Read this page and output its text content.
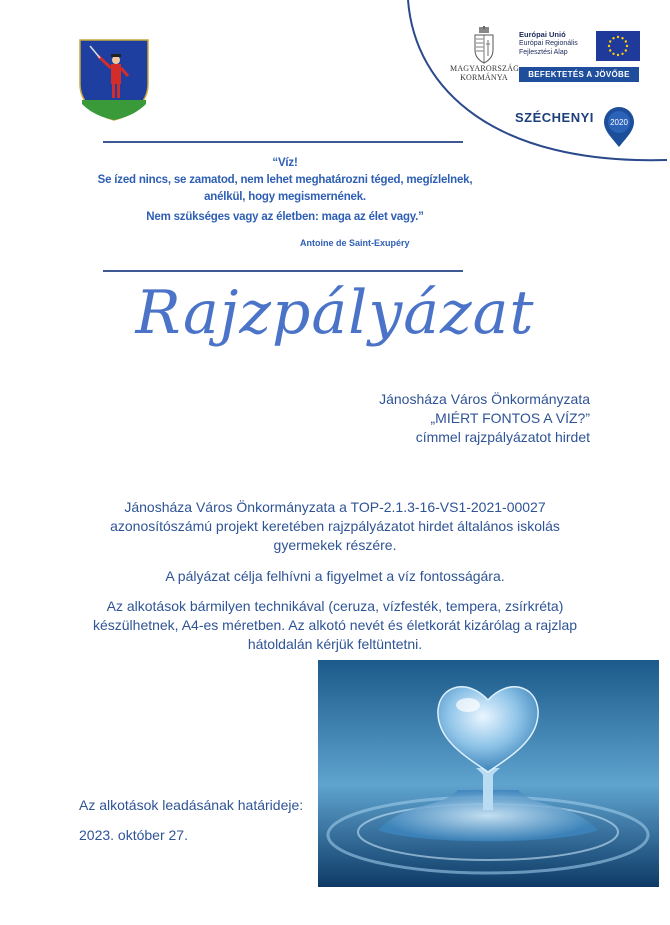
MAGYARORSZÁG
KORMÁNYA
Európai Unió
Európai Regionális
Fejlesztési Alap
BEFEKTETÉS A JÖVŐBE
SZÉCHENYI 2020

“Víz!

Se ízed nincs, se zamatod, nem lehet meghatározni téged, megízlelnek,

anélkül, hogy megismernének.

Nem szükséges vagy az életben: maga az élet vagy.”

Antoine de Saint-Exupéry
Rajzpályázat
Jánosháza Város Önkormányzata
„MIÉRT FONTOS A VÍZ?”
címmel rajzpályázatot hirdet
Jánosháza Város Önkormányzata a TOP-2.1.3-16-VS1-2021-00027
azonosítószámú projekt keretében rajzpályázatot hirdet általános iskolás
gyermekek részére.
A pályázat célja felhívni a figyelmet a víz fontosságára.
Az alkotások bármilyen technikával (ceruza, vízfesték, tempera, zsírkréta)
készülhetnek, A4-es méretben. Az alkotó nevét és életkorát kizárólag a rajzlap
hátoldalán kérjük feltüntetni.
Az alkotások leadásának határideje:
2023. október 27.
